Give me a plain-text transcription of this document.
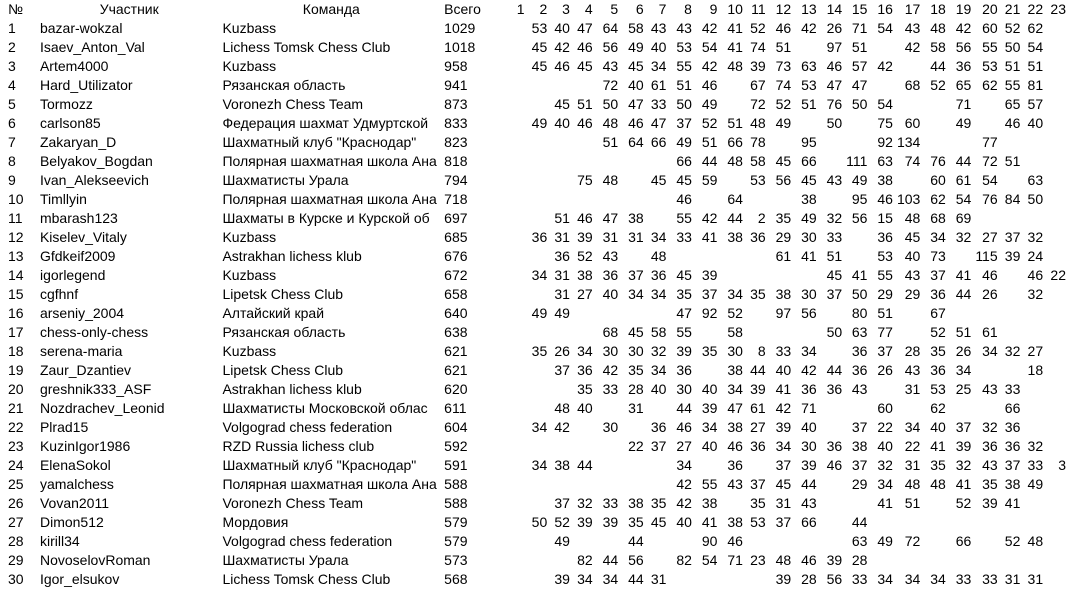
№	Участник	Команда	Всего	1	2	3	4	5	6	7	8	9	10	11	12	13	14	15	16	17	18	19	20	21	22	23
1	bazar-wokzal	Kuzbass	1029		53	40	47	64	58	43	43	42	41	52	46	42	26	71	54	43	48	42	60	52	62	
2	Isaev_Anton_Val	Lichess Tomsk Chess Club	1018		45	42	46	56	49	40	53	54	41	74	51		97	51		42	58	56	55	50	54	
3	Artem4000	Kuzbass	958		45	46	45	43	45	34	55	42	48	39	73	63	46	57	42		44	36	53	51	51	
4	Hard_Utilizator	Рязанская область	941					72	40	61	51	46		67	74	53	47	47		68	52	65	62	55	81	
5	Tormozz	Voronezh Chess Team	873			45	51	50	47	33	50	49		72	52	51	76	50	54			71		65	57	
6	carlson85	Федерация шахмат Удмуртской	833		49	40	46	48	46	47	37	52	51	48	49		50		75	60		49		46	40	
7	Zakaryan_D	Шахматный клуб "Краснодар"	823					51	64	66	49	51	66	78		95			92	134			77			
8	Belyakov_Bogdan	Полярная шахматная школа Ана	818								66	44	48	58	45	66		111	63	74	76	44	72	51		
9	Ivan_Alekseevich	Шахматисты Урала	794				75	48		45	45	59		53	56	45	43	49	38		60	61	54		63	
10	Timllyin	Полярная шахматная школа Ана	718								46		64			38		95	46	103	62	54	76	84	50	
11	mbarash123	Шахматы в Курске и Курской об	697			51	46	47	38		55	42	44	2	35	49	32	56	15	48	68	69				
12	Kiselev_Vitaly	Kuzbass	685		36	31	39	31	31	34	33	41	38	36	29	30	33		36	45	34	32	27	37	32	
13	Gfdkeif2009	Astrakhan lichess klub	676			36	52	43		48					61	41	51		53	40	73		115	39	24	
14	igorlegend	Kuzbass	672		34	31	38	36	37	36	45	39					45	41	55	43	37	41	46		46	22
15	cgfhnf	Lipetsk Chess Club	658			31	27	40	34	34	35	37	34	35	38	30	37	50	29	29	36	44	26		32	
16	arseniy_2004	Алтайский край	640		49	49					47	92	52		97	56		80	51		67					
17	chess-only-chess	Рязанская область	638					68	45	58	55		58				50	63	77		52	51	61			
18	serena-maria	Kuzbass	621		35	26	34	30	30	32	39	35	30	8	33	34		36	37	28	35	26	34	32	27	
19	Zaur_Dzantiev	Lipetsk Chess Club	621			37	36	42	35	34	36		38	44	40	42	44	36	26	43	36	34			18	
20	greshnik333_ASF	Astrakhan lichess klub	620				35	33	28	40	30	40	34	39	41	36	36	43		31	53	25	43	33		
21	Nozdrachev_Leonid	Шахматисты Московской облас	611			48	40		31		44	39	47	61	42	71			60		62			66		
22	Plrad15	Volgograd chess federation	604		34	42		30		36	46	34	38	27	39	40		37	22	34	40	37	32	36		
23	KuzinIgor1986	RZD Russia lichess club	592						22	37	27	40	46	36	34	30	36	38	40	22	41	39	36	36	32	
24	ElenaSokol	Шахматный клуб "Краснодар"	591		34	38	44				34		36		37	39	46	37	32	31	35	32	43	37	33	3
25	yamalchess	Полярная шахматная школа Ана	588								42	55	43	37	45	44		29	34	48	48	41	35	38	49	
26	Vovan2011	Voronezh Chess Team	588			37	32	33	38	35	42	38		35	31	43			41	51		52	39	41		
27	Dimon512	Мордовия	579		50	52	39	39	35	45	40	41	38	53	37	66		44								
28	kirill34	Volgograd chess federation	579			49			44			90	46					63	49	72		66		52	48	
29	NovoselovRoman	Шахматисты Урала	573				82	44	56		82	54	71	23	48	46	39	28								
30	Igor_elsukov	Lichess Tomsk Chess Club	568			39	34	34	44	31					39	28	56	33	34	34	34	33	33	31	31	
